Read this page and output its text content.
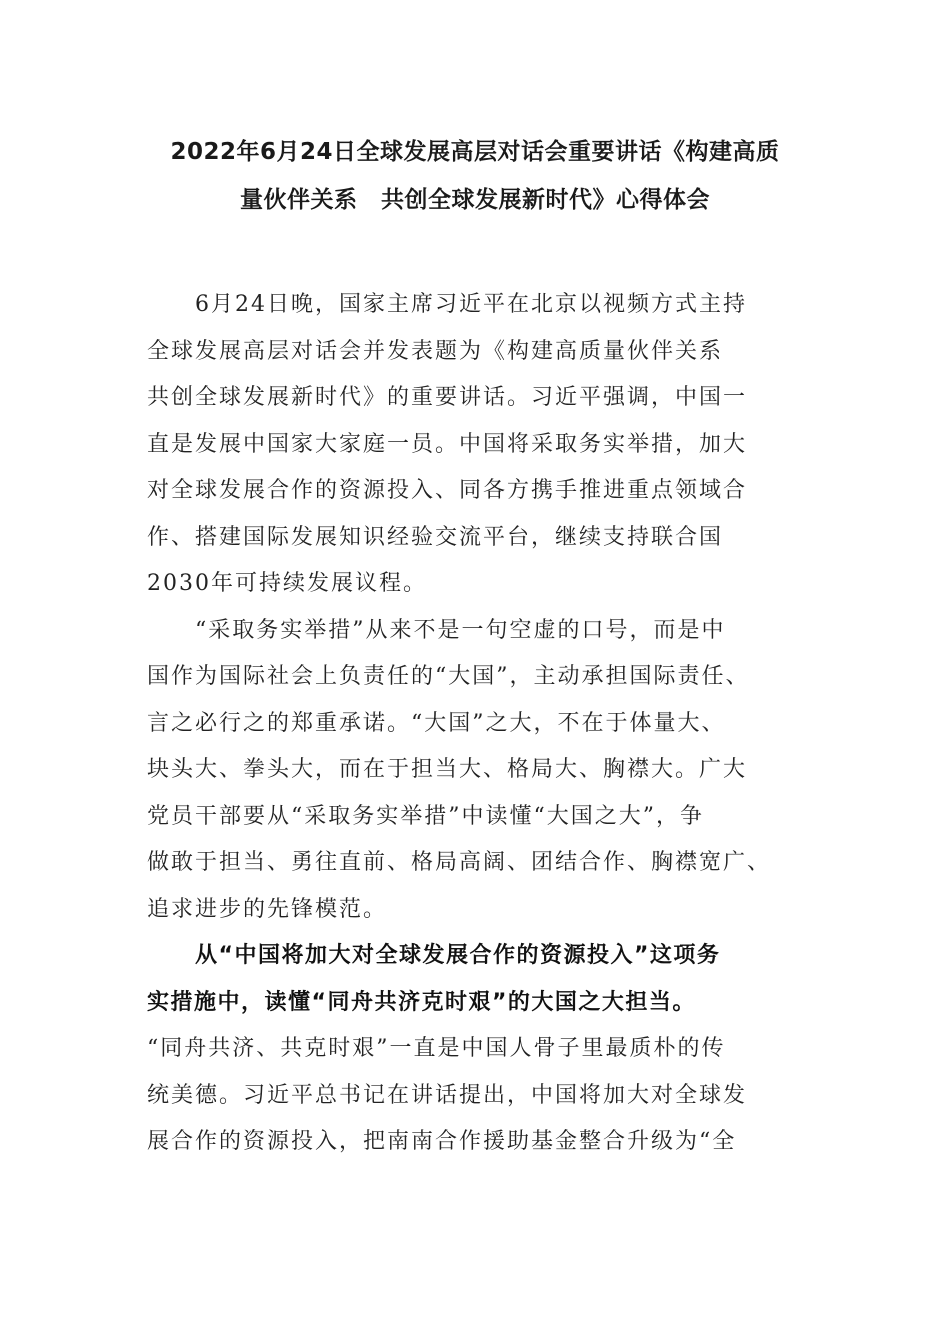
2022年6月24日全球发展高层对话会重要讲话《构建高质
量伙伴关系　共创全球发展新时代》心得体会

6月24日晚，国家主席习近平在北京以视频方式主持
全球发展高层对话会并发表题为《构建高质量伙伴关系
共创全球发展新时代》的重要讲话。习近平强调，中国一
直是发展中国家大家庭一员。中国将采取务实举措，加大
对全球发展合作的资源投入、同各方携手推进重点领域合
作、搭建国际发展知识经验交流平台，继续支持联合国
2030年可持续发展议程。

“采取务实举措”从来不是一句空虚的口号，而是中
国作为国际社会上负责任的“大国”，主动承担国际责任、
言之必行之的郑重承诺。“大国”之大，不在于体量大、
块头大、拳头大，而在于担当大、格局大、胸襟大。广大
党员干部要从“采取务实举措”中读懂“大国之大”，争
做敢于担当、勇往直前、格局高阔、团结合作、胸襟宽广、
追求进步的先锋模范。

从“中国将加大对全球发展合作的资源投入”这项务
实措施中，读懂“同舟共济克时艰”的大国之大担当。

“同舟共济、共克时艰”一直是中国人骨子里最质朴的传
统美德。习近平总书记在讲话提出，中国将加大对全球发
展合作的资源投入，把南南合作援助基金整合升级为“全
